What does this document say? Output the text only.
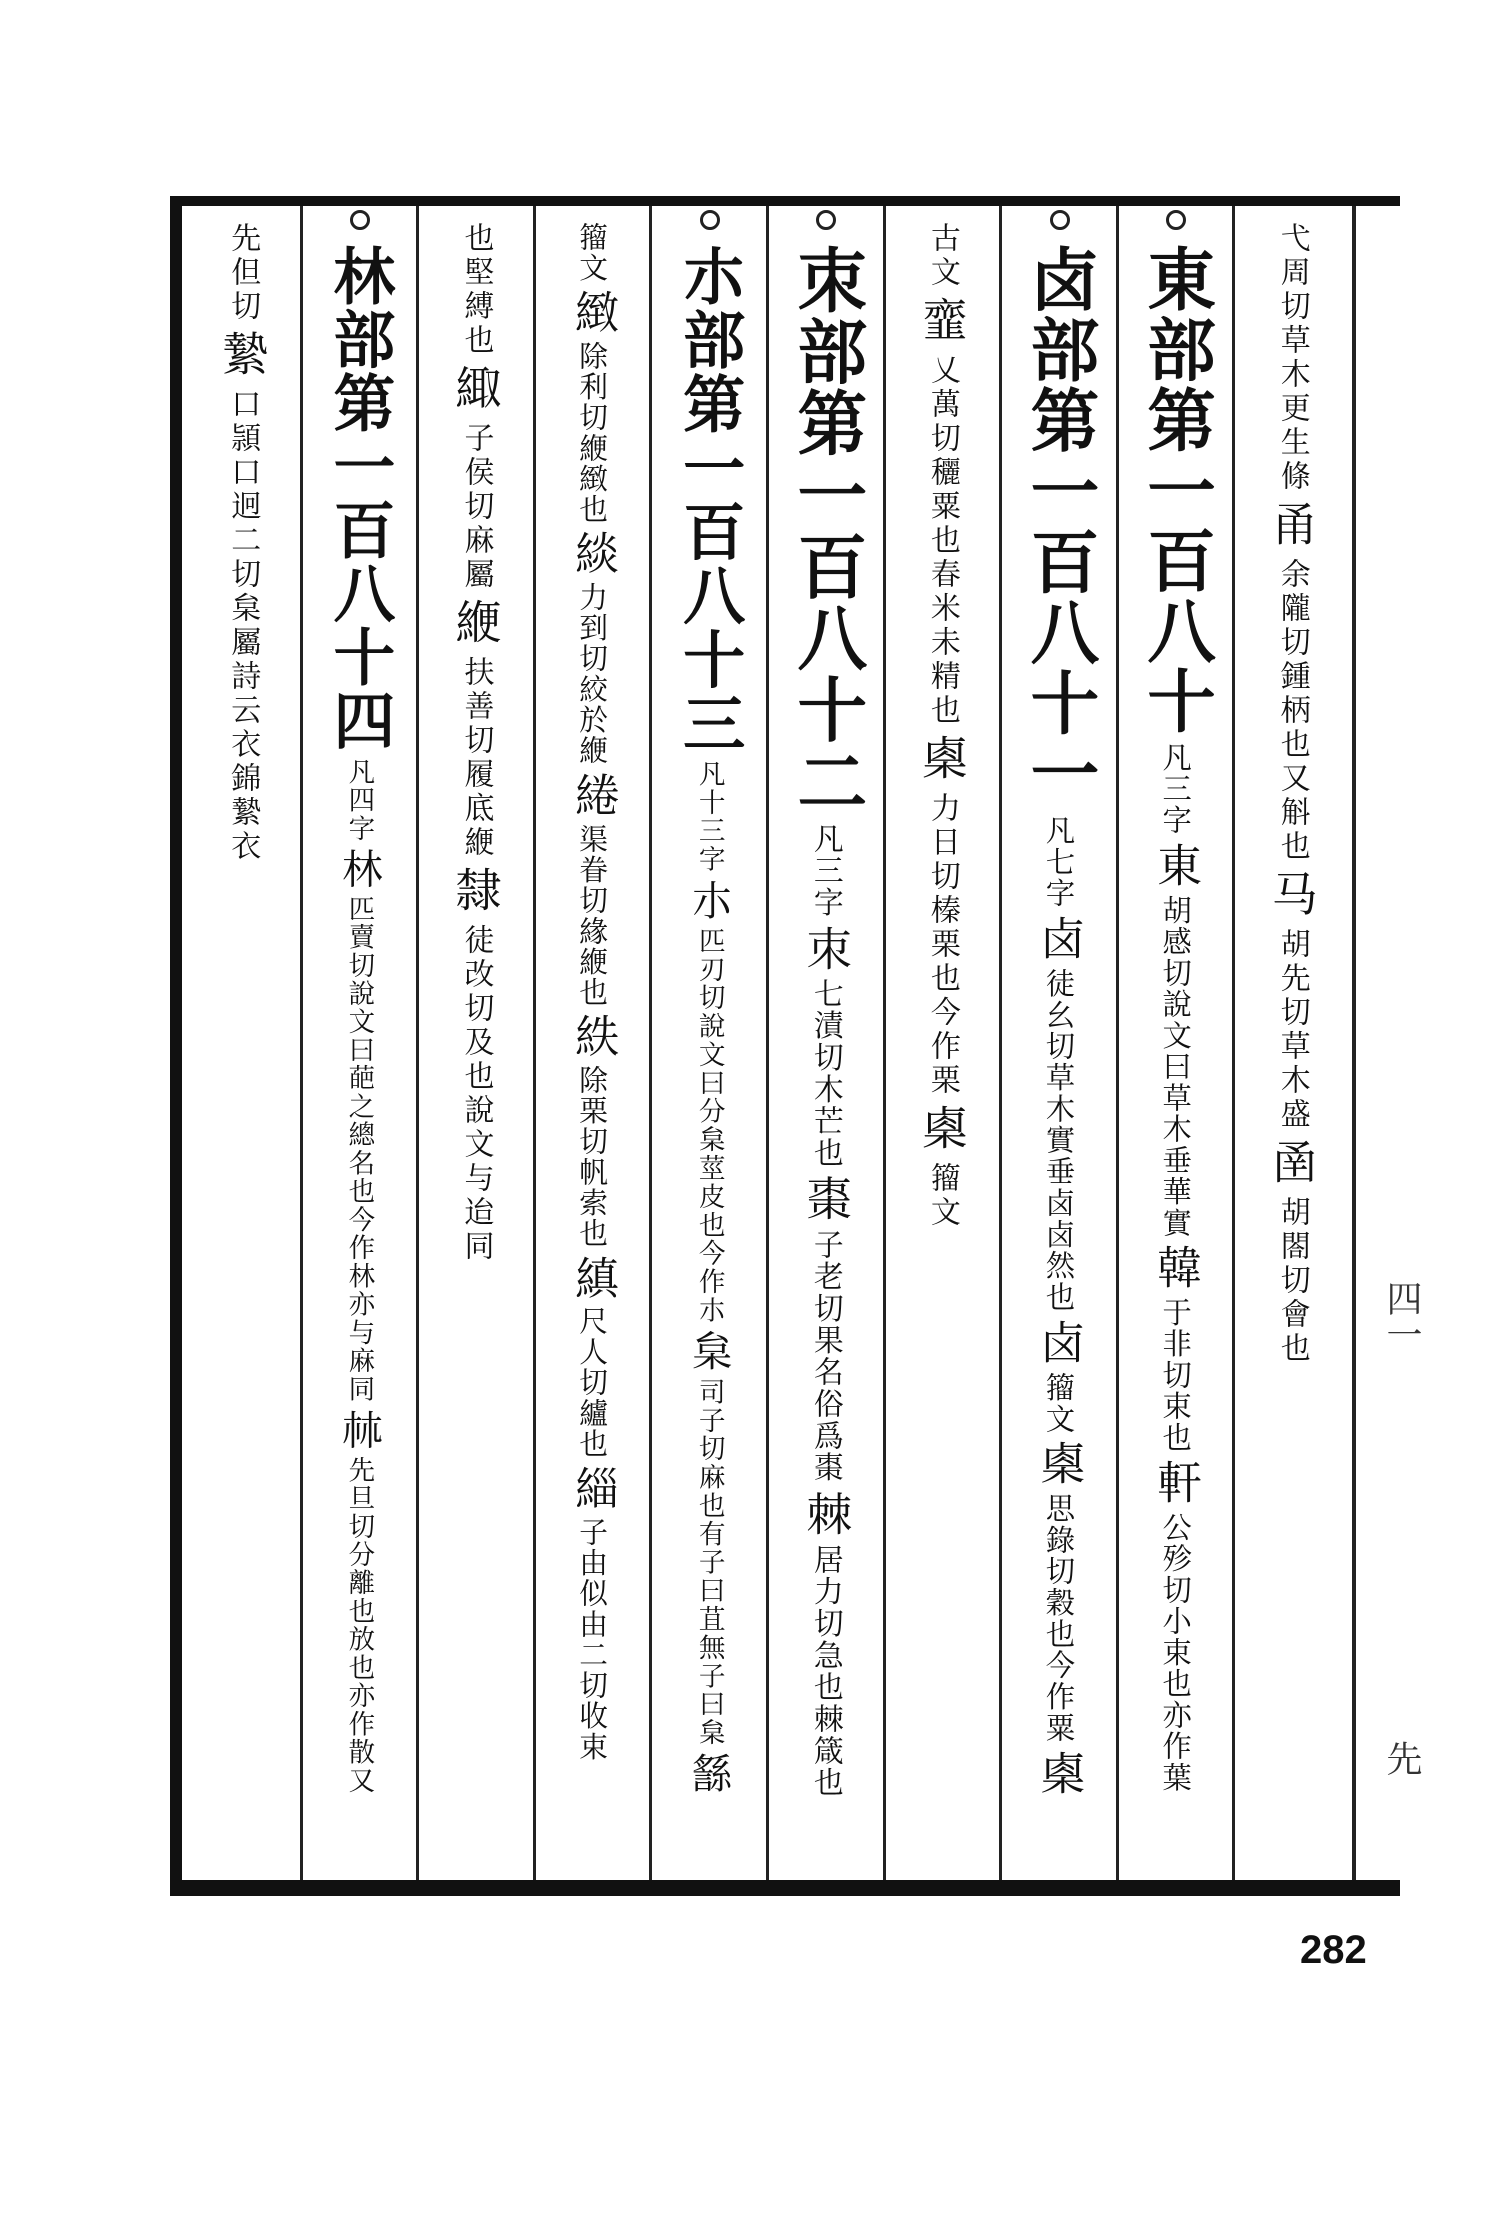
弋周切草木更生條
甬
余隴切鍾柄也又斛也
马
胡先切草木盛
圅
胡閤切會也
東部第一百八十
凡三字
東
胡感切說文曰草木垂華實
韓
于非切束也
軒
公殄切小束也亦作葉
卤部第一百八十一
凡七字
卤
徒幺切草木實垂卤卤然也
卤
籀文
㮚
思錄切穀也今作粟
㮚
古文
韲
乂萬切穲粟也春米未精也
㮚
力日切榛栗也今作栗
㮚
籀文
朿部第一百八十二
凡三字
朿
七漬切木芒也
棗
子老切果名俗爲棗
棘
居力切急也棘箴也
朩部第一百八十三
凡十三字
朩
匹刃切說文曰分枲莖皮也今作朩
枲
司子切麻也有子曰苴無子曰枲
䌛
籀文
緻
除利切緶緻也
緂
力到切絞於緶
綣
渠眷切緣緶也
紩
除栗切帆索也
縝
尺人切纑也
緇
子由似由二切收束
也堅縛也
緅
子侯切麻屬
緶
扶善切履底緶
隸
徒改切及也說文与迨同
林部第一百八十四
凡四字
林
匹賣切說文曰葩之總名也今作林亦与麻同
𣏟
先旦切分離也放也亦作散又
先但切
縶
口頴口迥二切枲屬詩云衣錦縶衣
四一
先
282
